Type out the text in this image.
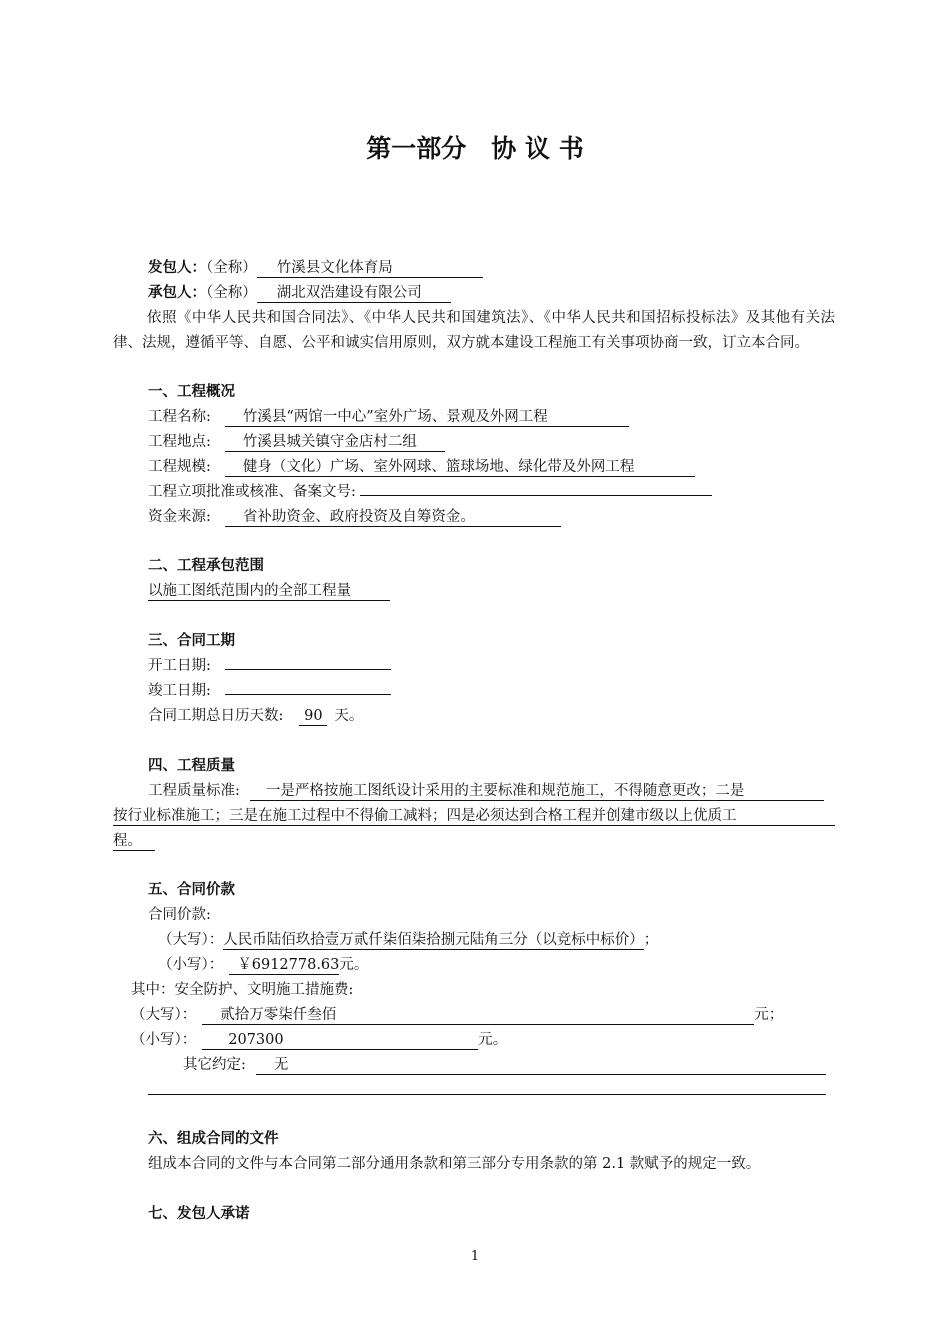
第一部分　协 议 书
发包人：（全称） 竹溪县文化体育局
承包人：（全称） 湖北双浩建设有限公司
依照《中华人民共和国合同法》、《中华人民共和国建筑法》、《中华人民共和国招标投标法》及其他有关法律、法规，遵循平等、自愿、公平和诚实信用原则，双方就本建设工程施工有关事项协商一致，订立本合同。
一、工程概况
工程名称: 竹溪县“两馆一中心”室外广场、景观及外网工程
工程地点: 竹溪县城关镇守金店村二组
工程规模: 健身（文化）广场、室外网球、篮球场地、绿化带及外网工程
工程立项批准或核准、备案文号:
资金来源: 省补助资金、政府投资及自筹资金。
二、工程承包范围
以施工图纸范围内的全部工程量
三、合同工期
开工日期:
竣工日期:
合同工期总日历天数: 90 天。
四、工程质量
工程质量标准: 一是严格按施工图纸设计采用的主要标准和规范施工，不得随意更改；二是
按行业标准施工；三是在施工过程中不得偷工减料；四是必须达到合格工程并创建市级以上优质工
程。
五、合同价款
合同价款:
（大写）：人民币陆佰玖拾壹万贰仟柒佰柒拾捌元陆角三分（以竞标中标价）；
（小写）： ￥6912778.63元。
其中：安全防护、文明施工措施费:
（大写）： 贰拾万零柒仟叁佰	元；
（小写）： 207300	元。
其它约定: 无
六、组成合同的文件
组成本合同的文件与本合同第二部分通用条款和第三部分专用条款的第 2.1 款赋予的规定一致。
七、发包人承诺
1
